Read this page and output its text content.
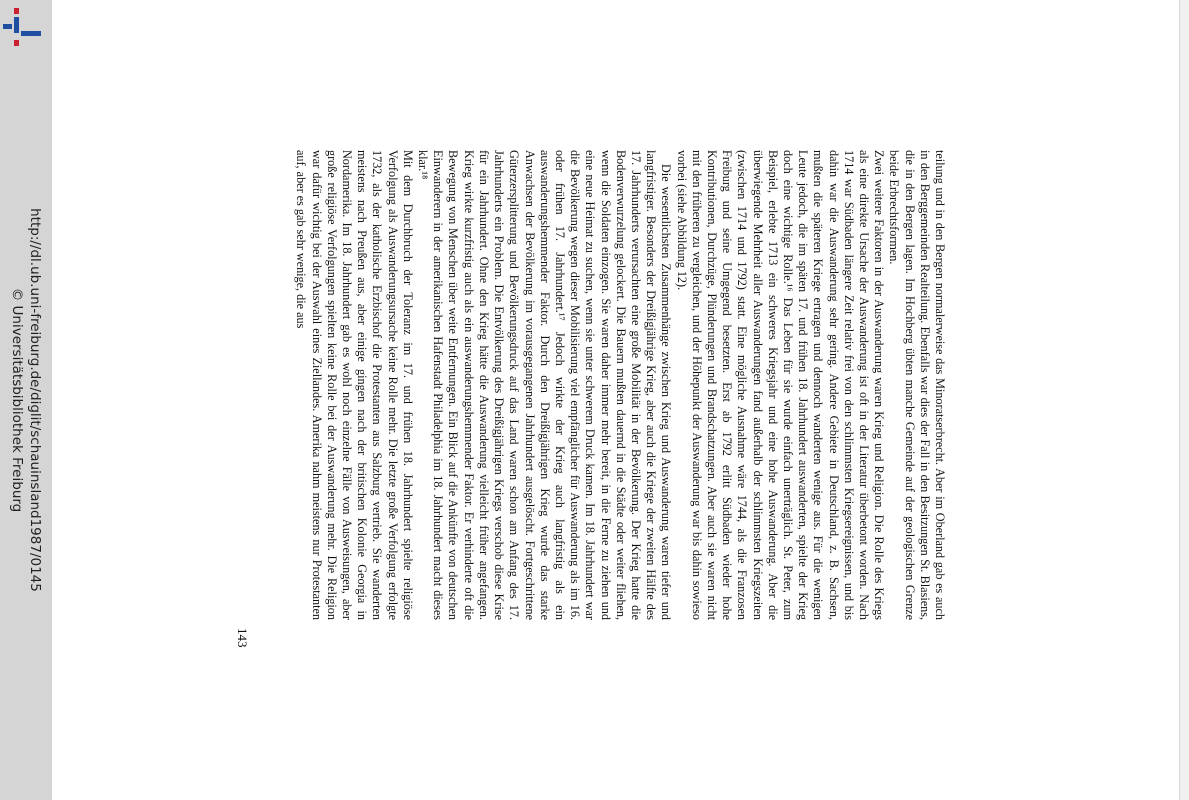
http://dl.ub.uni-freiburg.de/diglit/schauinsland1987/0145
© Universitätsbibliothek Freiburg	teilung und in den Bergen normalerweise das Minoratserbrecht. Aber im Oberland gab es auch in den Berggemeinden Realteilung. Ebenfalls war dies der Fall in den Besitzungen St. Blasiens, die in den Bergen lagen. Im Hochberg übten manche Gemeinde auf der geologischen Grenze beide Erbrechtsformen.

Zwei weitere Faktoren in der Auswanderung waren Krieg und Religion. Die Rolle des Kriegs als eine direkte Ursache der Auswanderung ist oft in der Literatur überbetont worden. Nach 1714 war Südbaden längere Zeit relativ frei von den schlimmsten Kriegsereignissen, und bis dahin war die Auswanderung sehr gering. Andere Gebiete in Deutschland, z. B. Sachsen, mußten die späteren Kriege ertragen und dennoch wanderten wenige aus. Für die wenigen Leute jedoch, die im späten 17. und frühen 18. Jahrhundert auswanderten, spielte der Krieg doch eine wichtige Rolle.¹⁶ Das Leben für sie wurde einfach unerträglich. St. Peter, zum Beispiel, erlebte 1713 ein schweres Kriegsjahr und eine hohe Auswanderung. Aber die überwiegende Mehrheit aller Auswanderungen fand außerhalb der schlimmsten Kriegszeiten (zwischen 1714 und 1792) statt. Eine mögliche Ausnahme wäre 1744, als die Franzosen Freiburg und seine Umgegend besetzten. Erst ab 1792 erlitt Südbaden wieder hohe Kontributionen, Durchzüge, Plünderungen und Brandschatzungen. Aber auch sie waren nicht mit den früheren zu vergleichen, und der Höhepunkt der Auswanderung war bis dahin sowieso vorbei (siehe Abbildung 12).

Die wesentlichsten Zusammenhänge zwischen Krieg und Auswanderung waren tiefer und langfristiger. Besonders der Dreißigjährige Krieg, aber auch die Kriege der zweiten Hälfte des 17. Jahrhunderts verursachten eine große Mobilität in der Bevölkerung. Der Krieg hatte die Bodenverwurzelung gelockert. Die Bauern mußten dauernd in die Städte oder weiter fliehen, wenn die Soldaten einzogen. Sie waren daher immer mehr bereit, in die Ferne zu ziehen und eine neue Heimat zu suchen, wenn sie unter schwerem Druck kamen. Im 18. Jahrhundert war die Bevölkerung wegen dieser Mobilisierung viel empfänglicher für Auswanderung als im 16. oder frühen 17. Jahrhundert.¹⁷ Jedoch wirkte der Krieg auch langfristig als ein auswanderungshemmender Faktor. Durch den Dreißigjährigen Krieg wurde das starke Anwachsen der Bevölkerung im vorausgegangenen Jahrhundert ausgelöscht. Fortgeschrittene Güterzersplitterung und Bevölkerungsdruck auf das Land waren schon am Anfang des 17. Jahrhunderts ein Problem. Die Entvölkerung des Dreißigjährigen Kriegs verschob diese Krise für ein Jahrhundert. Ohne den Krieg hätte die Auswanderung vielleicht früher angefangen. Krieg wirkte kurzfristig auch als ein auswanderungshemmender Faktor. Er verhinderte oft die Bewegung von Menschen über weite Entfernungen. Ein Blick auf die Ankünfte von deutschen Einwanderern in der amerikanischen Hafenstadt Philadelphia im 18. Jahrhundert macht dieses klar.¹⁸

Mit dem Durchbruch der Toleranz im 17. und frühen 18. Jahrhundert spielte religiöse Verfolgung als Auswanderungsursache keine Rolle mehr. Die letzte große Verfolgung erfolgte 1732, als der katholische Erzbischof die Protestanten aus Salzburg vertrieb. Sie wanderten meistens nach Preußen aus, aber einige gingen nach der britischen Kolonie Georgia in Nordamerika. Im 18. Jahrhundert gab es wohl noch einzelne Fälle von Ausweisungen, aber große religiöse Verfolgungen spielten keine Rolle bei der Auswanderung mehr. Die Religion war dafür wichtig bei der Auswahl eines Ziellandes. Amerika nahm meistens nur Protestanten auf, aber es gab sehr wenige, die aus

143
